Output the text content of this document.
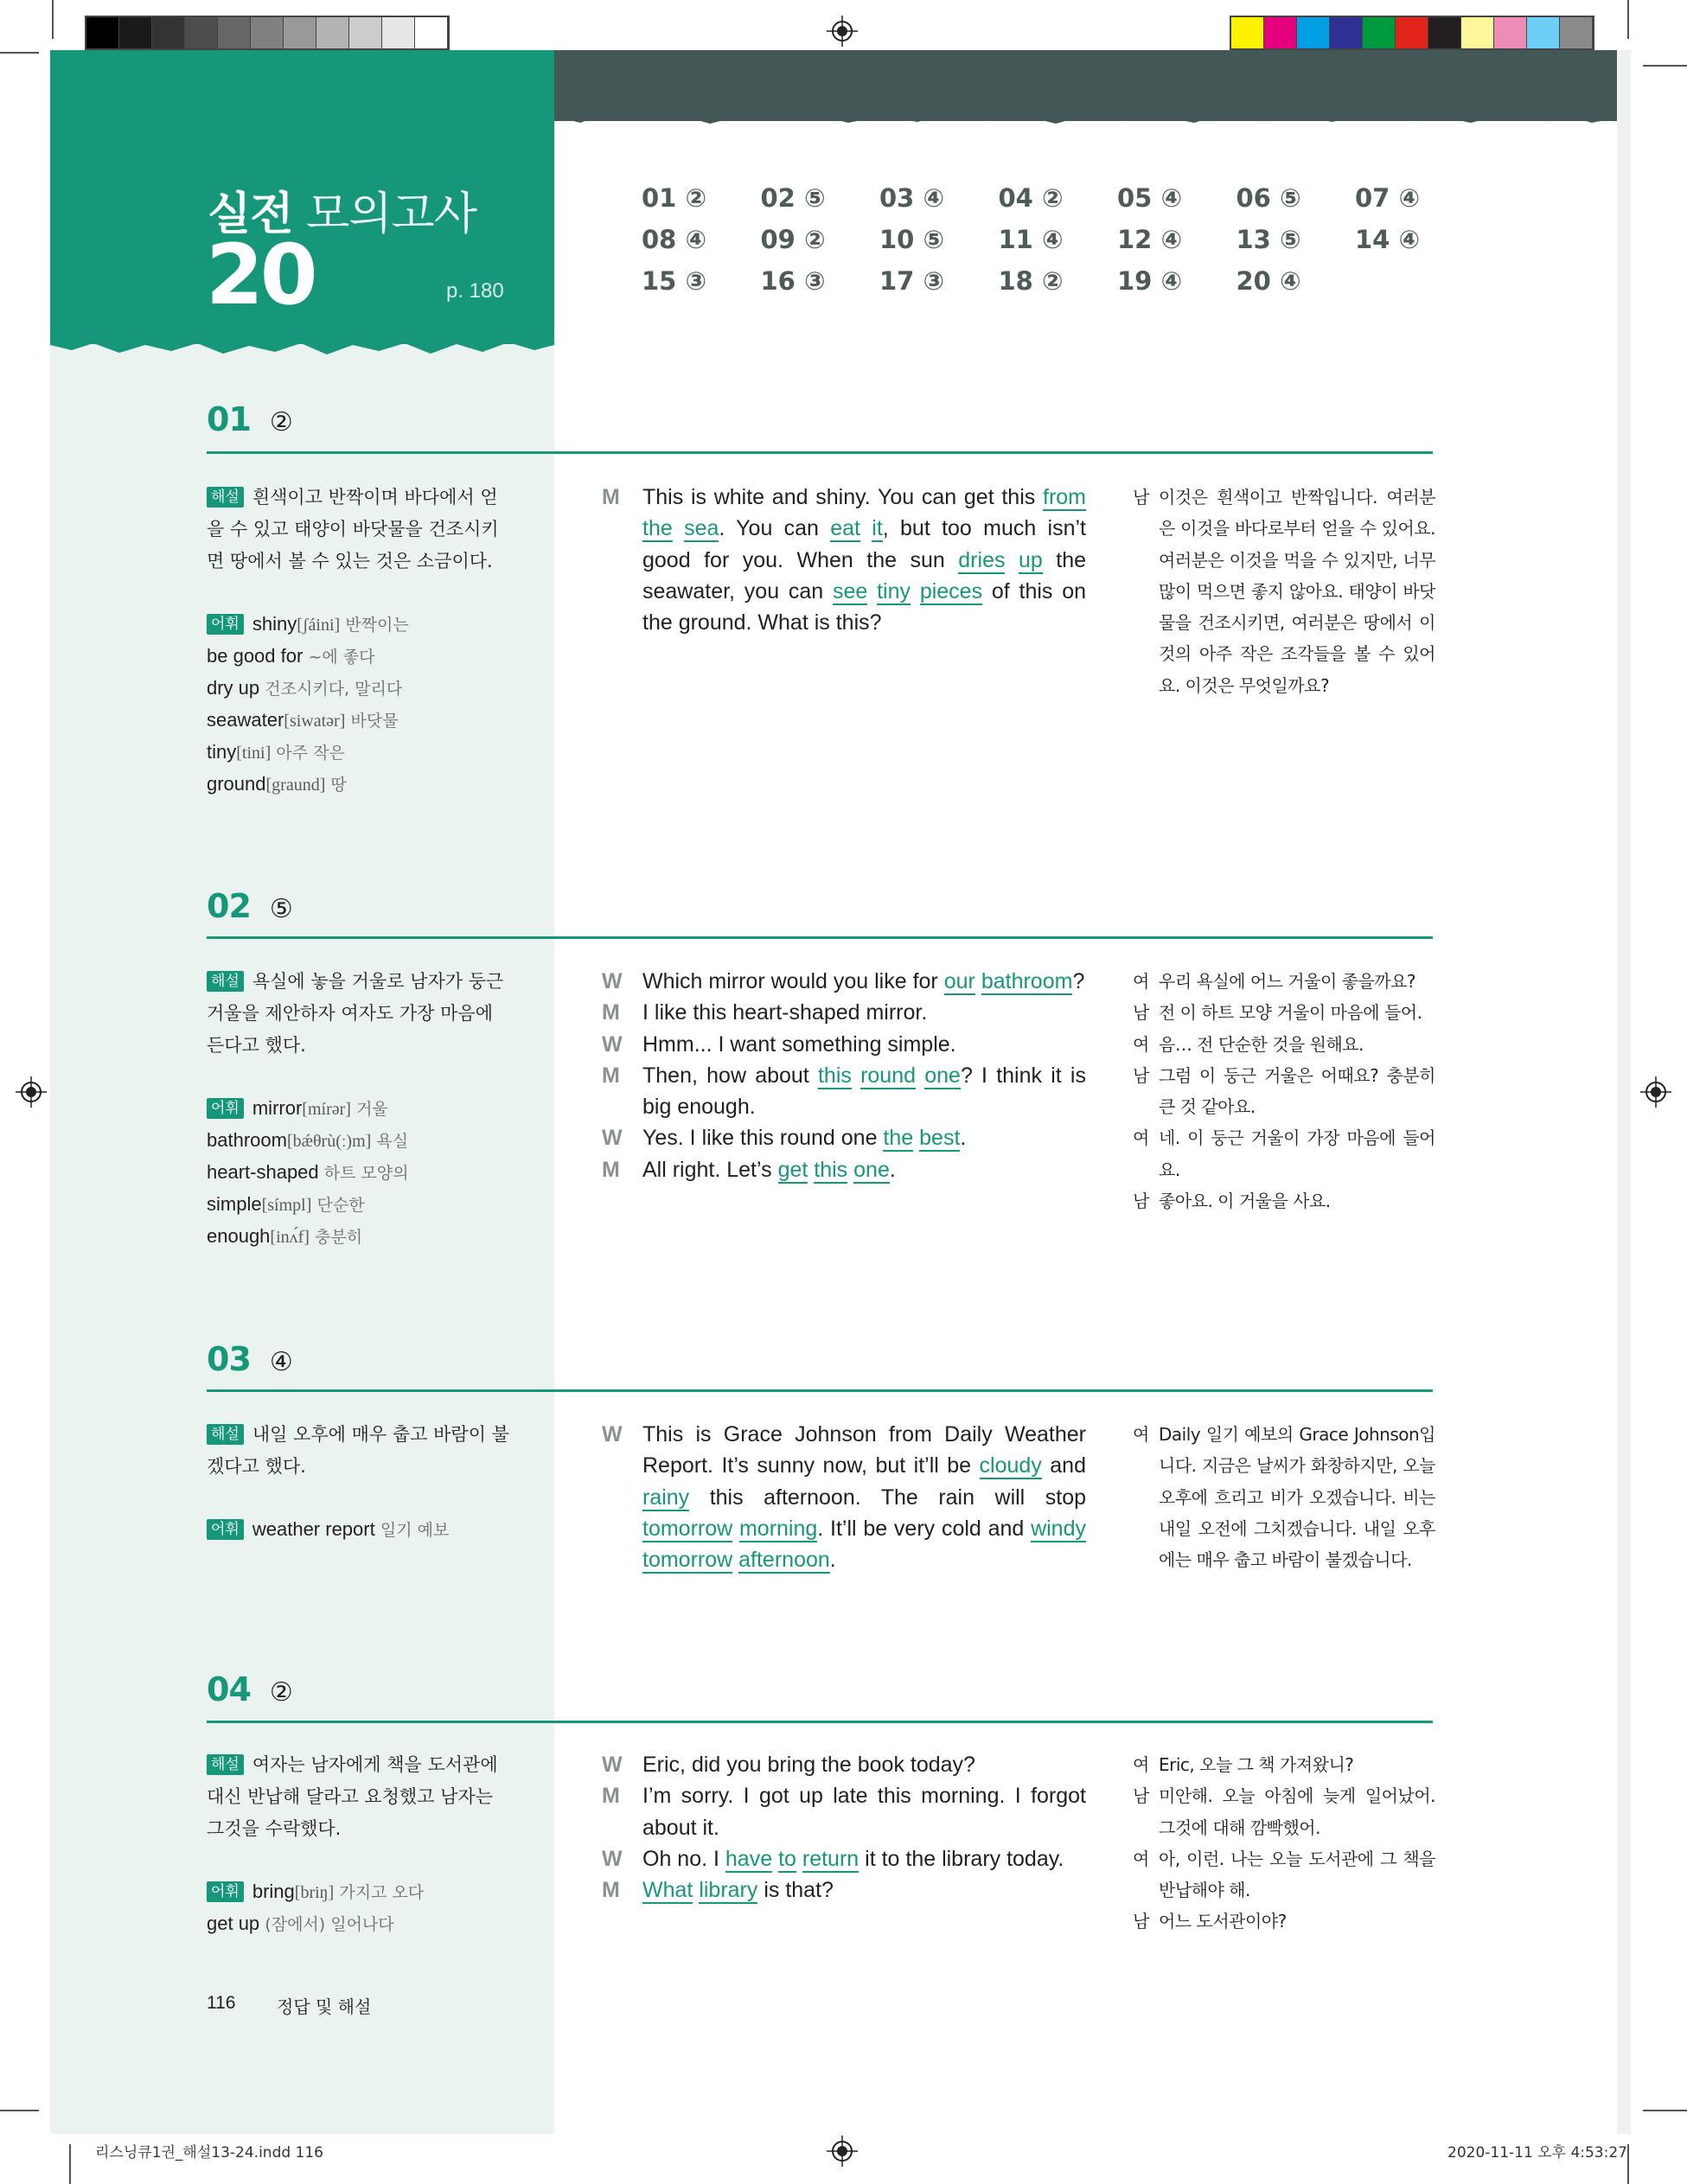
실전 모의고사
20	p. 180
01 ②	02 ⑤	03 ④	04 ②	05 ④	06 ⑤	07 ④
08 ④	09 ②	10 ⑤	11 ④	12 ④	13 ⑤	14 ④
15 ③	16 ③	17 ③	18 ②	19 ④	20 ④
01 ②
해설 흰색이고 반짝이며 바다에서 얻을 수 있고 태양이 바닷물을 건조시키면 땅에서 볼 수 있는 것은 소금이다.
어휘 shiny[ʃáini] 반짝이는
be good for ~에 좋다
dry up 건조시키다, 말리다
seawater[siwatər] 바닷물
tiny[tini] 아주 작은
ground[graund] 땅
M	This is white and shiny. You can get this from the sea. You can eat it, but too much isn’t good for you. When the sun dries up the seawater, you can see tiny pieces of this on the ground. What is this?
남 이것은 흰색이고 반짝입니다. 여러분은 이것을 바다로부터 얻을 수 있어요. 여러분은 이것을 먹을 수 있지만, 너무 많이 먹으면 좋지 않아요. 태양이 바닷물을 건조시키면, 여러분은 땅에서 이것의 아주 작은 조각들을 볼 수 있어요. 이것은 무엇일까요?
02 ⑤
해설 욕실에 놓을 거울로 남자가 둥근 거울을 제안하자 여자도 가장 마음에 든다고 했다.
어휘 mirror[mírər] 거울
bathroom[bǽθrù(ː)m] 욕실
heart-shaped 하트 모양의
simple[símpl] 단순한
enough[inʌ́f] 충분히
W Which mirror would you like for our bathroom?
M	I like this heart-shaped mirror.
W Hmm... I want something simple.
M	Then, how about this round one? I think it is big enough.
W Yes. I like this round one the best.
M	All right. Let’s get this one.
여 우리 욕실에 어느 거울이 좋을까요?
남 전 이 하트 모양 거울이 마음에 들어.
여 음… 전 단순한 것을 원해요.
남 그럼 이 둥근 거울은 어때요? 충분히 큰 것 같아요.
여 네. 이 둥근 거울이 가장 마음에 들어요.
남 좋아요. 이 거울을 사요.
03 ④
해설 내일 오후에 매우 춥고 바람이 불겠다고 했다.
어휘 weather report 일기 예보
W This is Grace Johnson from Daily Weather Report. It’s sunny now, but it’ll be cloudy and rainy this afternoon. The rain will stop tomorrow morning. It’ll be very cold and windy tomorrow afternoon.
여 Daily 일기 예보의 Grace Johnson입니다. 지금은 날씨가 화창하지만, 오늘 오후에 흐리고 비가 오겠습니다. 비는 내일 오전에 그치겠습니다. 내일 오후에는 매우 춥고 바람이 불겠습니다.
04 ②
해설 여자는 남자에게 책을 도서관에 대신 반납해 달라고 요청했고 남자는 그것을 수락했다.
어휘 bring[briŋ] 가지고 오다
get up (잠에서) 일어나다
W Eric, did you bring the book today?
M	I’m sorry. I got up late this morning. I forgot about it.
W Oh no. I have to return it to the library today.
M	What library is that?
여 Eric, 오늘 그 책 가져왔니?
남 미안해. 오늘 아침에 늦게 일어났어. 그것에 대해 깜빡했어.
여 아, 이런. 나는 오늘 도서관에 그 책을 반납해야 해.
남 어느 도서관이야?
116 정답 및 해설
리스닝큐1권_해설13-24.indd 116	2020-11-11 오후 4:53:27
